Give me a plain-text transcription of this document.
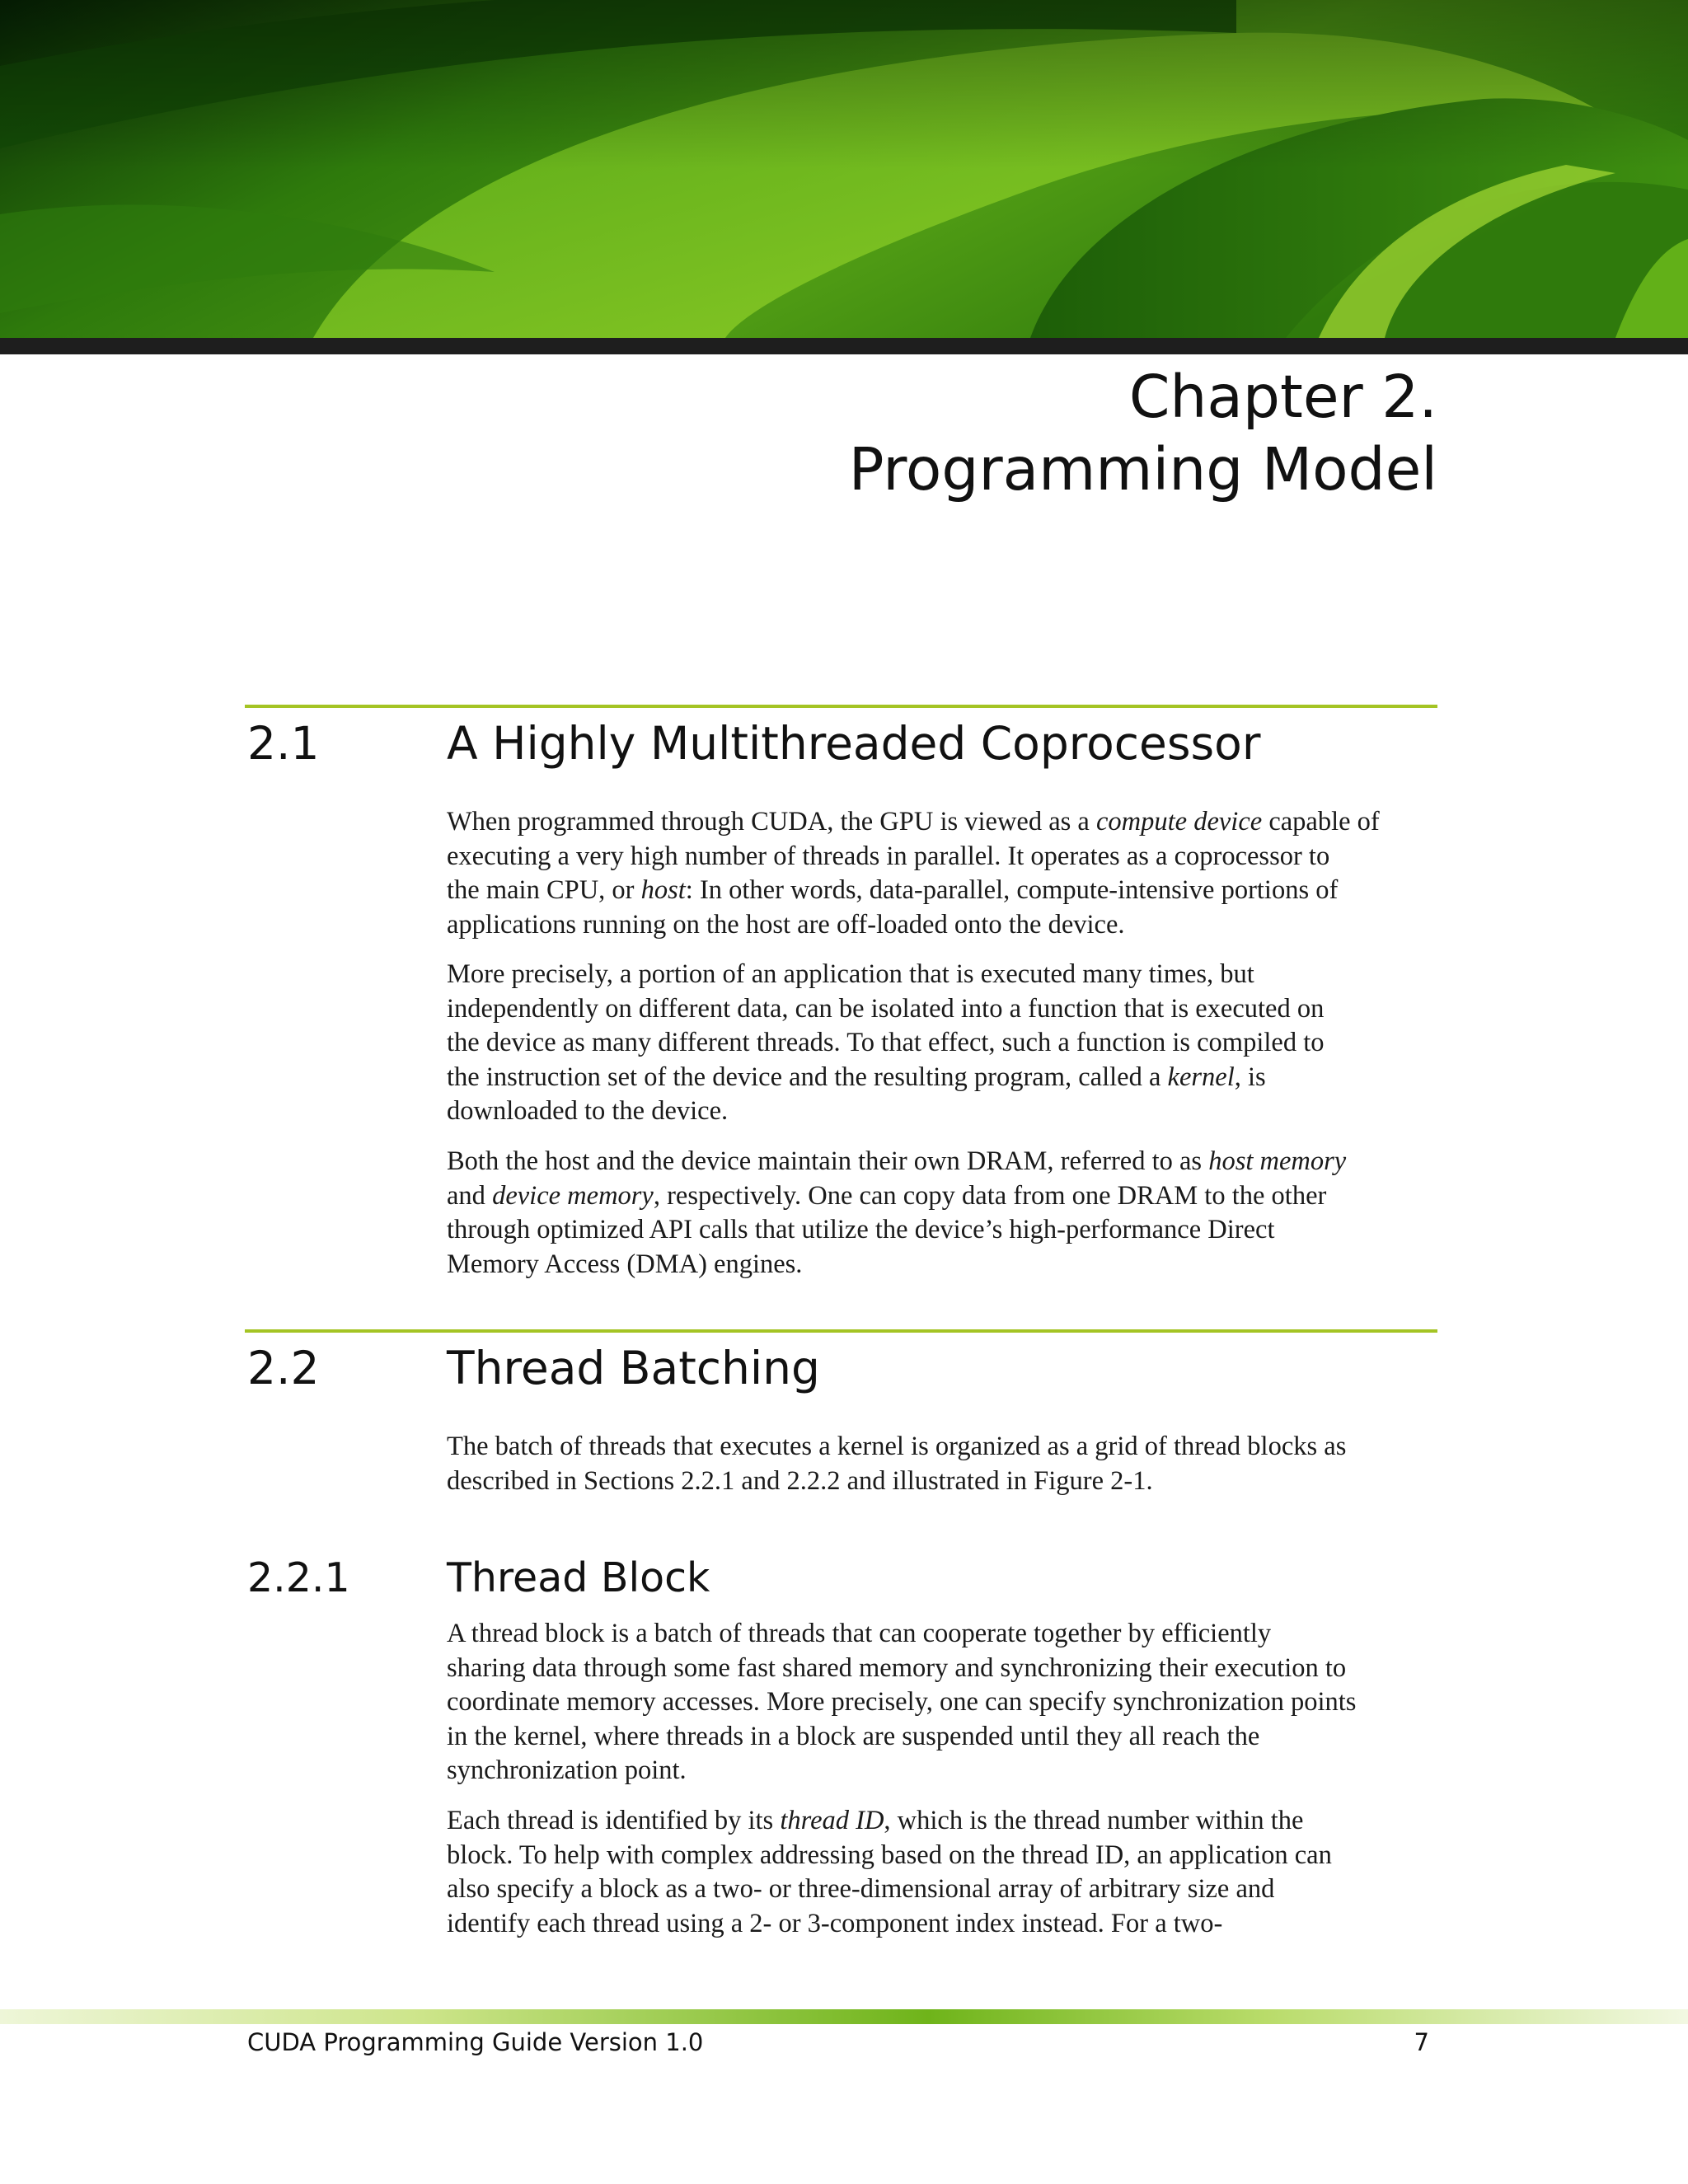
Chapter 2.
Programming Model
2.1	A Highly Multithreaded Coprocessor

When programmed through CUDA, the GPU is viewed as a compute device capable of
executing a very high number of threads in parallel. It operates as a coprocessor to
the main CPU, or host: In other words, data-parallel, compute-intensive portions of
applications running on the host are off-loaded onto the device.

More precisely, a portion of an application that is executed many times, but
independently on different data, can be isolated into a function that is executed on
the device as many different threads. To that effect, such a function is compiled to
the instruction set of the device and the resulting program, called a kernel, is
downloaded to the device.

Both the host and the device maintain their own DRAM, referred to as host memory
and device memory, respectively. One can copy data from one DRAM to the other
through optimized API calls that utilize the device’s high-performance Direct
Memory Access (DMA) engines.

2.2	Thread Batching

The batch of threads that executes a kernel is organized as a grid of thread blocks as
described in Sections 2.2.1 and 2.2.2 and illustrated in Figure 2-1.

2.2.1 Thread Block

A thread block is a batch of threads that can cooperate together by efficiently
sharing data through some fast shared memory and synchronizing their execution to
coordinate memory accesses. More precisely, one can specify synchronization points
in the kernel, where threads in a block are suspended until they all reach the
synchronization point.

Each thread is identified by its thread ID, which is the thread number within the
block. To help with complex addressing based on the thread ID, an application can
also specify a block as a two- or three-dimensional array of arbitrary size and
identify each thread using a 2- or 3-component index instead. For a two-

CUDA Programming Guide Version 1.0	7
